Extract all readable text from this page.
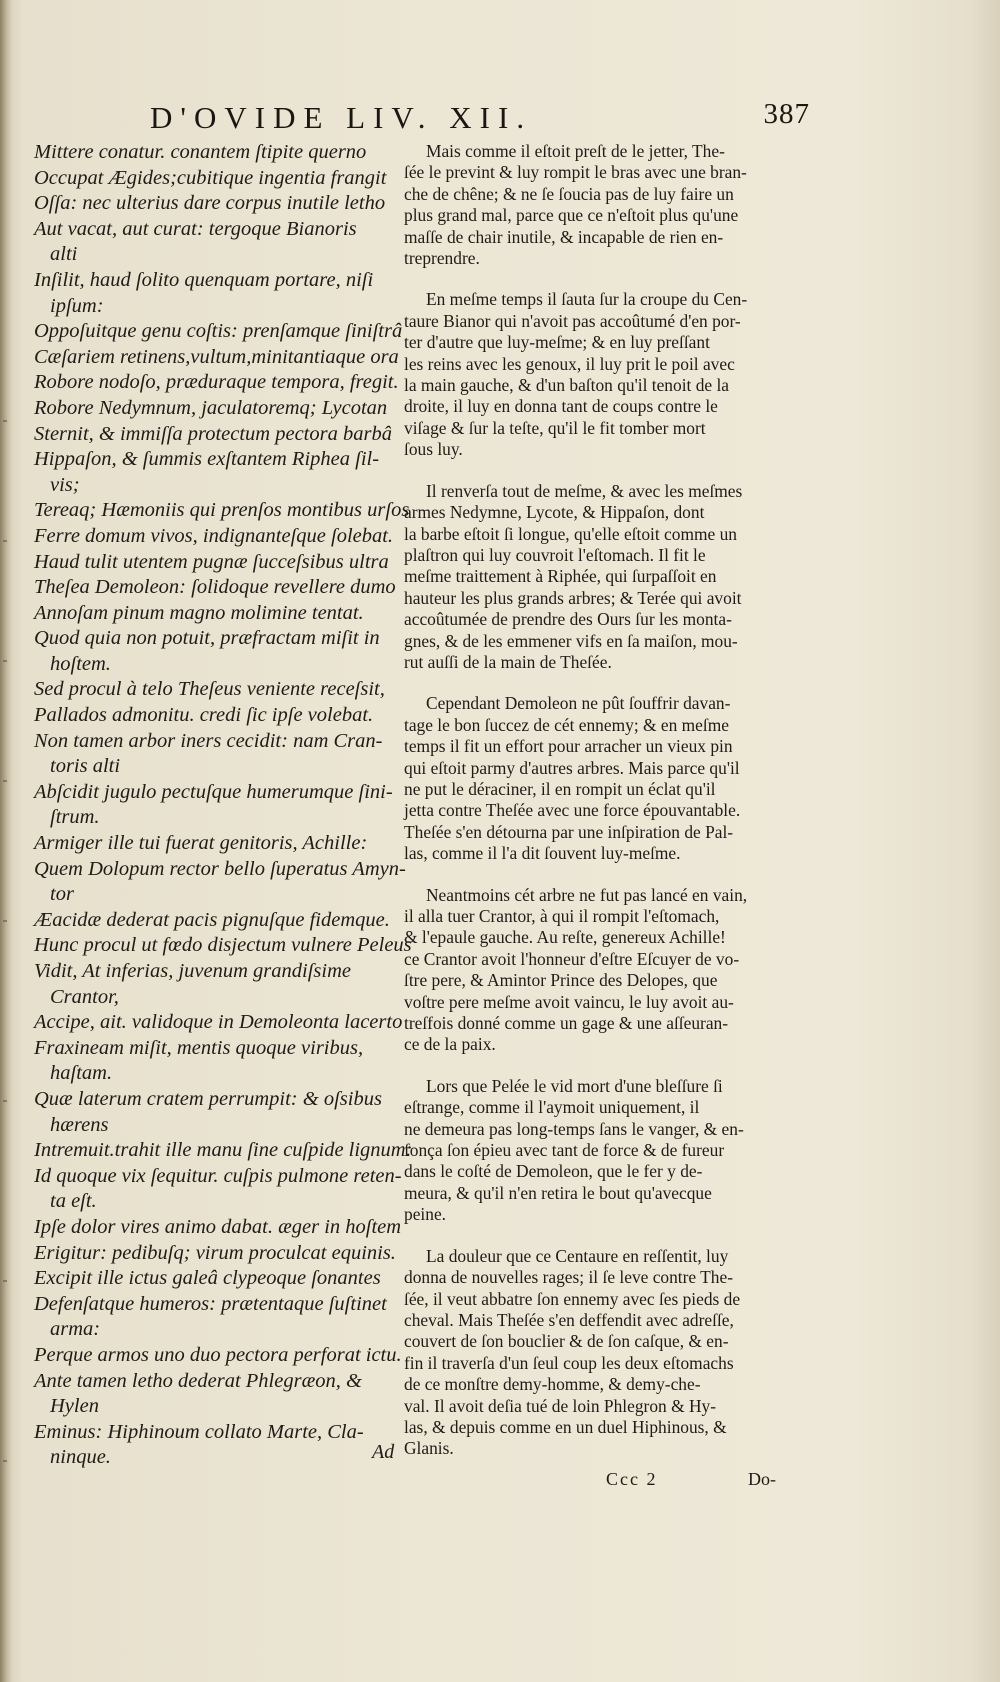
D'OVIDE LIV. XII.	387
Mittere conatur. conantem ſtipite querno
Occupat Ægides;cubitique ingentia frangit
Oſſa: nec ulterius dare corpus inutile letho
Aut vacat, aut curat: tergoque Bianoris
alti
Inſilit, haud ſolito quenquam portare, niſi
ipſum:
Oppoſuitque genu coſtis: prenſamque ſiniſtrâ
Cæſariem retinens,vultum,minitantiaque ora
Robore nodoſo, præduraque tempora, fregit.
Robore Nedymnum, jaculatoremq; Lycotan
Sternit, & immiſſa protectum pectora barbâ
Hippaſon, & ſummis exſtantem Riphea ſil-
vis;
Tereaq; Hæmoniis qui prenſos montibus urſos
Ferre domum vivos, indignanteſque ſolebat.
Haud tulit utentem pugnæ ſucceſsibus ultra
Theſea Demoleon: ſolidoque revellere dumo
Annoſam pinum magno molimine tentat.
Quod quia non potuit, præfractam miſit in
hoſtem.
Sed procul à telo Theſeus veniente receſsit,
Pallados admonitu. credi ſic ipſe volebat.
Non tamen arbor iners cecidit: nam Cran-
toris alti
Abſcidit jugulo pectuſque humerumque ſini-
ſtrum.
Armiger ille tui fuerat genitoris, Achille:
Quem Dolopum rector bello ſuperatus Amyn-
tor
Æacidæ dederat pacis pignuſque fidemque.
Hunc procul ut fœdo disjectum vulnere Peleus
Vidit, At inferias, juvenum grandiſsime
Crantor,
Accipe, ait. validoque in Demoleonta lacerto
Fraxineam miſit, mentis quoque viribus,
haſtam.
Quæ laterum cratem perrumpit: & oſsibus
hærens
Intremuit.trahit ille manu ſine cuſpide lignum:
Id quoque vix ſequitur. cuſpis pulmone reten-
ta eſt.
Ipſe dolor vires animo dabat. æger in hoſtem
Erigitur: pedibuſq; virum proculcat equinis.
Excipit ille ictus galeâ clypeoque ſonantes
Defenſatque humeros: prætentaque ſuſtinet
arma:
Perque armos uno duo pectora perforat ictu.
Ante tamen letho dederat Phlegræon, &
Hylen
Eminus: Hiphinoum collato Marte, Cla-
ninque.	Ad

Mais comme il eſtoit preſt de le jetter, The-
ſée le prevint & luy rompit le bras avec une bran-
che de chêne; & ne ſe ſoucia pas de luy faire un
plus grand mal, parce que ce n'eſtoit plus qu'une
maſſe de chair inutile, & incapable de rien en-
treprendre.

En meſme temps il ſauta ſur la croupe du Cen-
taure Bianor qui n'avoit pas accoûtumé d'en por-
ter d'autre que luy-meſme; & en luy preſſant
les reins avec les genoux, il luy prit le poil avec
la main gauche, & d'un baſton qu'il tenoit de la
droite, il luy en donna tant de coups contre le
viſage & ſur la teſte, qu'il le fit tomber mort
ſous luy.

Il renverſa tout de meſme, & avec les meſmes
armes Nedymne, Lycote, & Hippaſon, dont
la barbe eſtoit ſi longue, qu'elle eſtoit comme un
plaſtron qui luy couvroit l'eſtomach. Il fit le
meſme traittement à Riphée, qui ſurpaſſoit en
hauteur les plus grands arbres; & Terée qui avoit
accoûtumée de prendre des Ours ſur les monta-
gnes, & de les emmener vifs en ſa maiſon, mou-
rut auſſi de la main de Theſée.

Cependant Demoleon ne pût ſouffrir davan-
tage le bon ſuccez de cét ennemy; & en meſme
temps il fit un effort pour arracher un vieux pin
qui eſtoit parmy d'autres arbres. Mais parce qu'il
ne put le déraciner, il en rompit un éclat qu'il
jetta contre Theſée avec une force épouvantable.
Theſée s'en détourna par une inſpiration de Pal-
las, comme il l'a dit ſouvent luy-meſme.

Neantmoins cét arbre ne fut pas lancé en vain,
il alla tuer Crantor, à qui il rompit l'eſtomach,
& l'epaule gauche. Au reſte, genereux Achille!
ce Crantor avoit l'honneur d'eſtre Eſcuyer de vo-
ſtre pere, & Amintor Prince des Delopes, que
voſtre pere meſme avoit vaincu, le luy avoit au-
treſfois donné comme un gage & une aſſeuran-
ce de la paix.

Lors que Pelée le vid mort d'une bleſſure ſi
eſtrange, comme il l'aymoit uniquement, il
ne demeura pas long-temps ſans le vanger, & en-
fonça ſon épieu avec tant de force & de fureur
dans le coſté de Demoleon, que le fer y de-
meura, & qu'il n'en retira le bout qu'avecque
peine.

La douleur que ce Centaure en reſſentit, luy
donna de nouvelles rages; il ſe leve contre The-
ſée, il veut abbatre ſon ennemy avec ſes pieds de
cheval. Mais Theſée s'en deffendit avec adreſſe,
couvert de ſon bouclier & de ſon caſque, & en-
fin il traverſa d'un ſeul coup les deux eſtomachs
de ce monſtre demy-homme, & demy-che-
val. Il avoit deſia tué de loin Phlegron & Hy-
las, & depuis comme en un duel Hiphinous, &
Glanis.

Ccc 2	Do-
